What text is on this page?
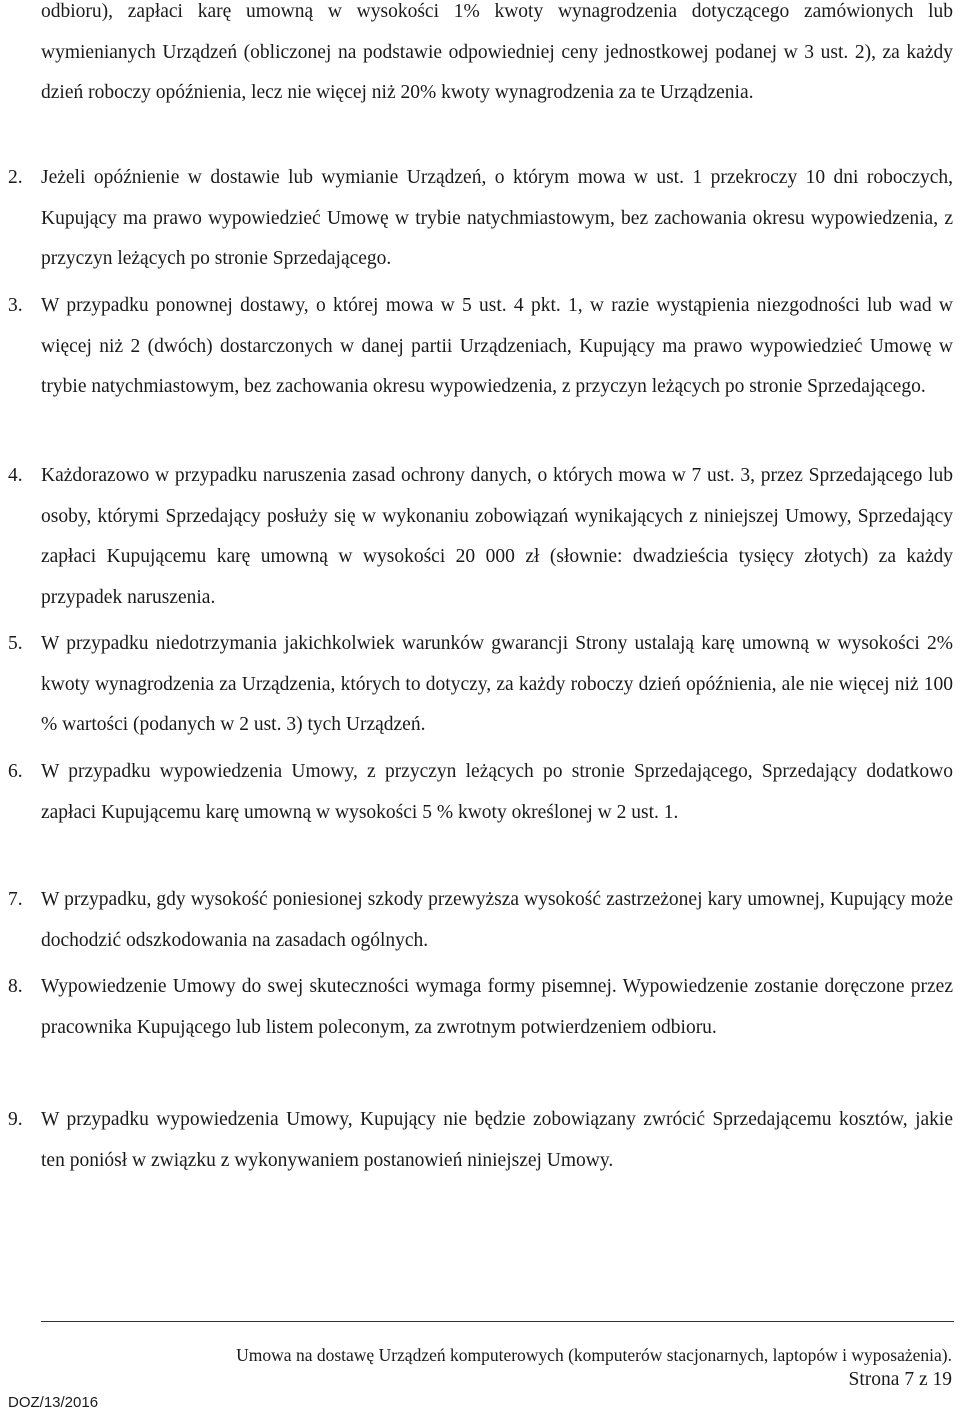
odbioru), zapłaci karę umowną w wysokości 1% kwoty wynagrodzenia dotyczącego zamówionych lub wymienianych Urządzeń (obliczonej na podstawie odpowiedniej ceny jednostkowej podanej w 3 ust. 2), za każdy dzień roboczy opóźnienia, lecz nie więcej niż 20% kwoty wynagrodzenia za te Urządzenia.
2. Jeżeli opóźnienie w dostawie lub wymianie Urządzeń, o którym mowa w ust. 1 przekroczy 10 dni roboczych, Kupujący ma prawo wypowiedzieć Umowę w trybie natychmiastowym, bez zachowania okresu wypowiedzenia, z przyczyn leżących po stronie Sprzedającego.
3. W przypadku ponownej dostawy, o której mowa w 5 ust. 4 pkt. 1, w razie wystąpienia niezgodności lub wad w więcej niż 2 (dwóch) dostarczonych w danej partii Urządzeniach, Kupujący ma prawo wypowiedzieć Umowę w trybie natychmiastowym, bez zachowania okresu wypowiedzenia, z przyczyn leżących po stronie Sprzedającego.
4. Każdorazowo w przypadku naruszenia zasad ochrony danych, o których mowa w 7 ust. 3, przez Sprzedającego lub osoby, którymi Sprzedający posłuży się w wykonaniu zobowiązań wynikających z niniejszej Umowy, Sprzedający zapłaci Kupującemu karę umowną w wysokości 20 000 zł (słownie: dwadzieścia tysięcy złotych) za każdy przypadek naruszenia.
5. W przypadku niedotrzymania jakichkolwiek warunków gwarancji Strony ustalają karę umowną w wysokości 2% kwoty wynagrodzenia za Urządzenia, których to dotyczy, za każdy roboczy dzień opóźnienia, ale nie więcej niż 100 % wartości (podanych w 2 ust. 3) tych Urządzeń.
6. W przypadku wypowiedzenia Umowy, z przyczyn leżących po stronie Sprzedającego, Sprzedający dodatkowo zapłaci Kupującemu karę umowną w wysokości 5 % kwoty określonej w 2 ust. 1.
7. W przypadku, gdy wysokość poniesionej szkody przewyższa wysokość zastrzeżonej kary umownej, Kupujący może dochodzić odszkodowania na zasadach ogólnych.
8. Wypowiedzenie Umowy do swej skuteczności wymaga formy pisemnej. Wypowiedzenie zostanie doręczone przez pracownika Kupującego lub listem poleconym, za zwrotnym potwierdzeniem odbioru.
9. W przypadku wypowiedzenia Umowy, Kupujący nie będzie zobowiązany zwrócić Sprzedającemu kosztów, jakie ten poniósł w związku z wykonywaniem postanowień niniejszej Umowy.
Umowa na dostawę Urządzeń komputerowych (komputerów stacjonarnych, laptopów i wyposażenia).
Strona 7 z 19
DOZ/13/2016
